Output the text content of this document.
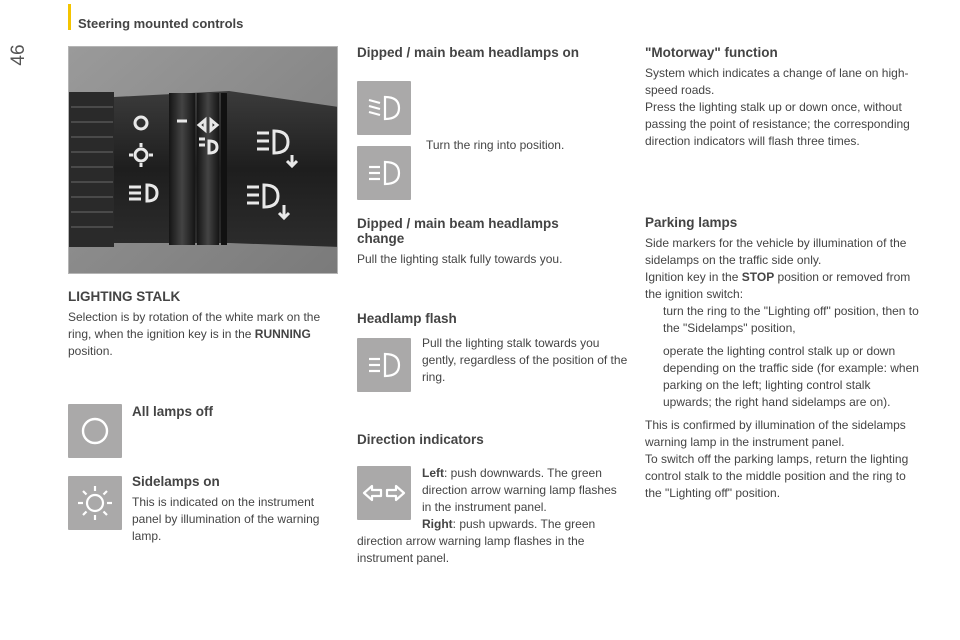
46
Steering mounted controls
LIGHTING STALK
Selection is by rotation of the white mark on the ring, when the ignition key is in the RUNNING position.
All lamps off
Sidelamps on
This is indicated on the instrument panel by illumination of the warning lamp.
Dipped / main beam headlamps on
Turn the ring into position.
Dipped / main beam headlamps change
Pull the lighting stalk fully towards you.
Headlamp flash
Pull the lighting stalk towards you gently, regardless of the position of the ring.
Direction indicators
Left: push downwards. The green direction arrow warning lamp flashes in the instrument panel.
Right: push upwards. The green direction arrow warning lamp flashes in the instrument panel.
"Motorway" function
System which indicates a change of lane on high-speed roads.
Press the lighting stalk up or down once, without passing the point of resistance; the corresponding direction indicators will flash three times.
Parking lamps
Side markers for the vehicle by illumination of the sidelamps on the traffic side only.
Ignition key in the STOP position or removed from the ignition switch:
turn the ring to the "Lighting off" position, then to the "Sidelamps" position,
operate the lighting control stalk up or down depending on the traffic side (for example: when parking on the left; lighting control stalk upwards; the right hand sidelamps are on).
This is confirmed by illumination of the sidelamps warning lamp in the instrument panel.
To switch off the parking lamps, return the lighting control stalk to the middle position and the ring to the "Lighting off" position.
